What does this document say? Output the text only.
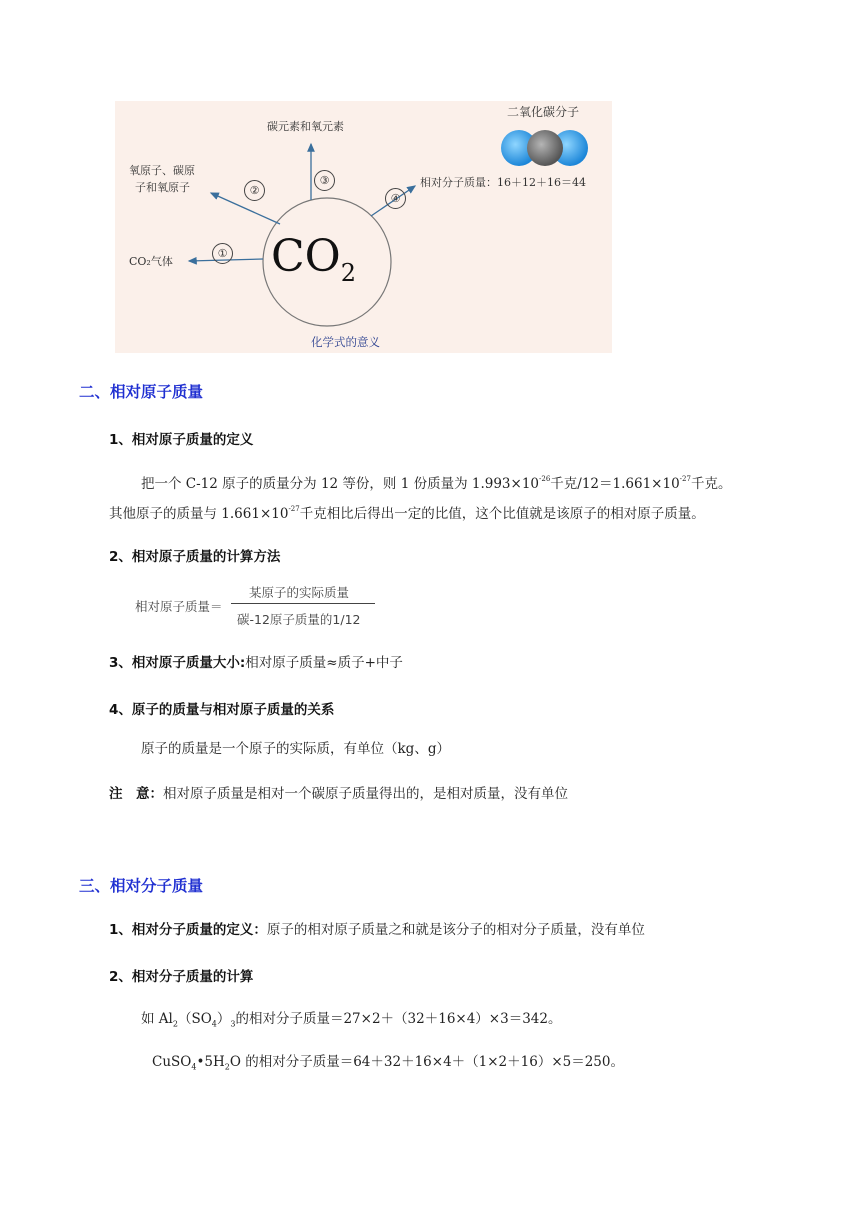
二氧化碳分子
$CO_2$
化学式的意义
CO₂气体
氧原子、碳原
子和氧原子
碳元素和氧元素
相对分子质量：16＋12＋16＝44
①
②
③
④
二、相对原子质量
1、相对原子质量的定义
把一个 C-12 原子的质量分为 12 等份，则 1 份质量为 $1.993\times 10^{-26}$千克$/12=1.661\times 10^{-27}$千克。
其他原子的质量与 $1.661\times 10^{-27}$千克相比后得出一定的比值，这个比值就是该原子的相对原子质量。
2、相对原子质量的计算方法
相对原子质量＝
某原子的实际质量
碳-12原子质量的1/12
3、相对原子质量大小:相对原子质量≈质子+中子
4、原子的质量与相对原子质量的关系
原子的质量是一个原子的实际质，有单位（kg、g）
注　意：相对原子质量是相对一个碳原子质量得出的，是相对质量，没有单位
三、相对分子质量
1、相对分子质量的定义：原子的相对原子质量之和就是该分子的相对分子质量，没有单位
2、相对分子质量的计算
如 $Al_2(SO_4)_3$的相对分子质量＝27×2＋（32＋16×4）×3＝342。
$CuSO_4•5H_2O$ 的相对分子质量＝64＋32＋16×4＋（1×2＋16）×5＝250。
